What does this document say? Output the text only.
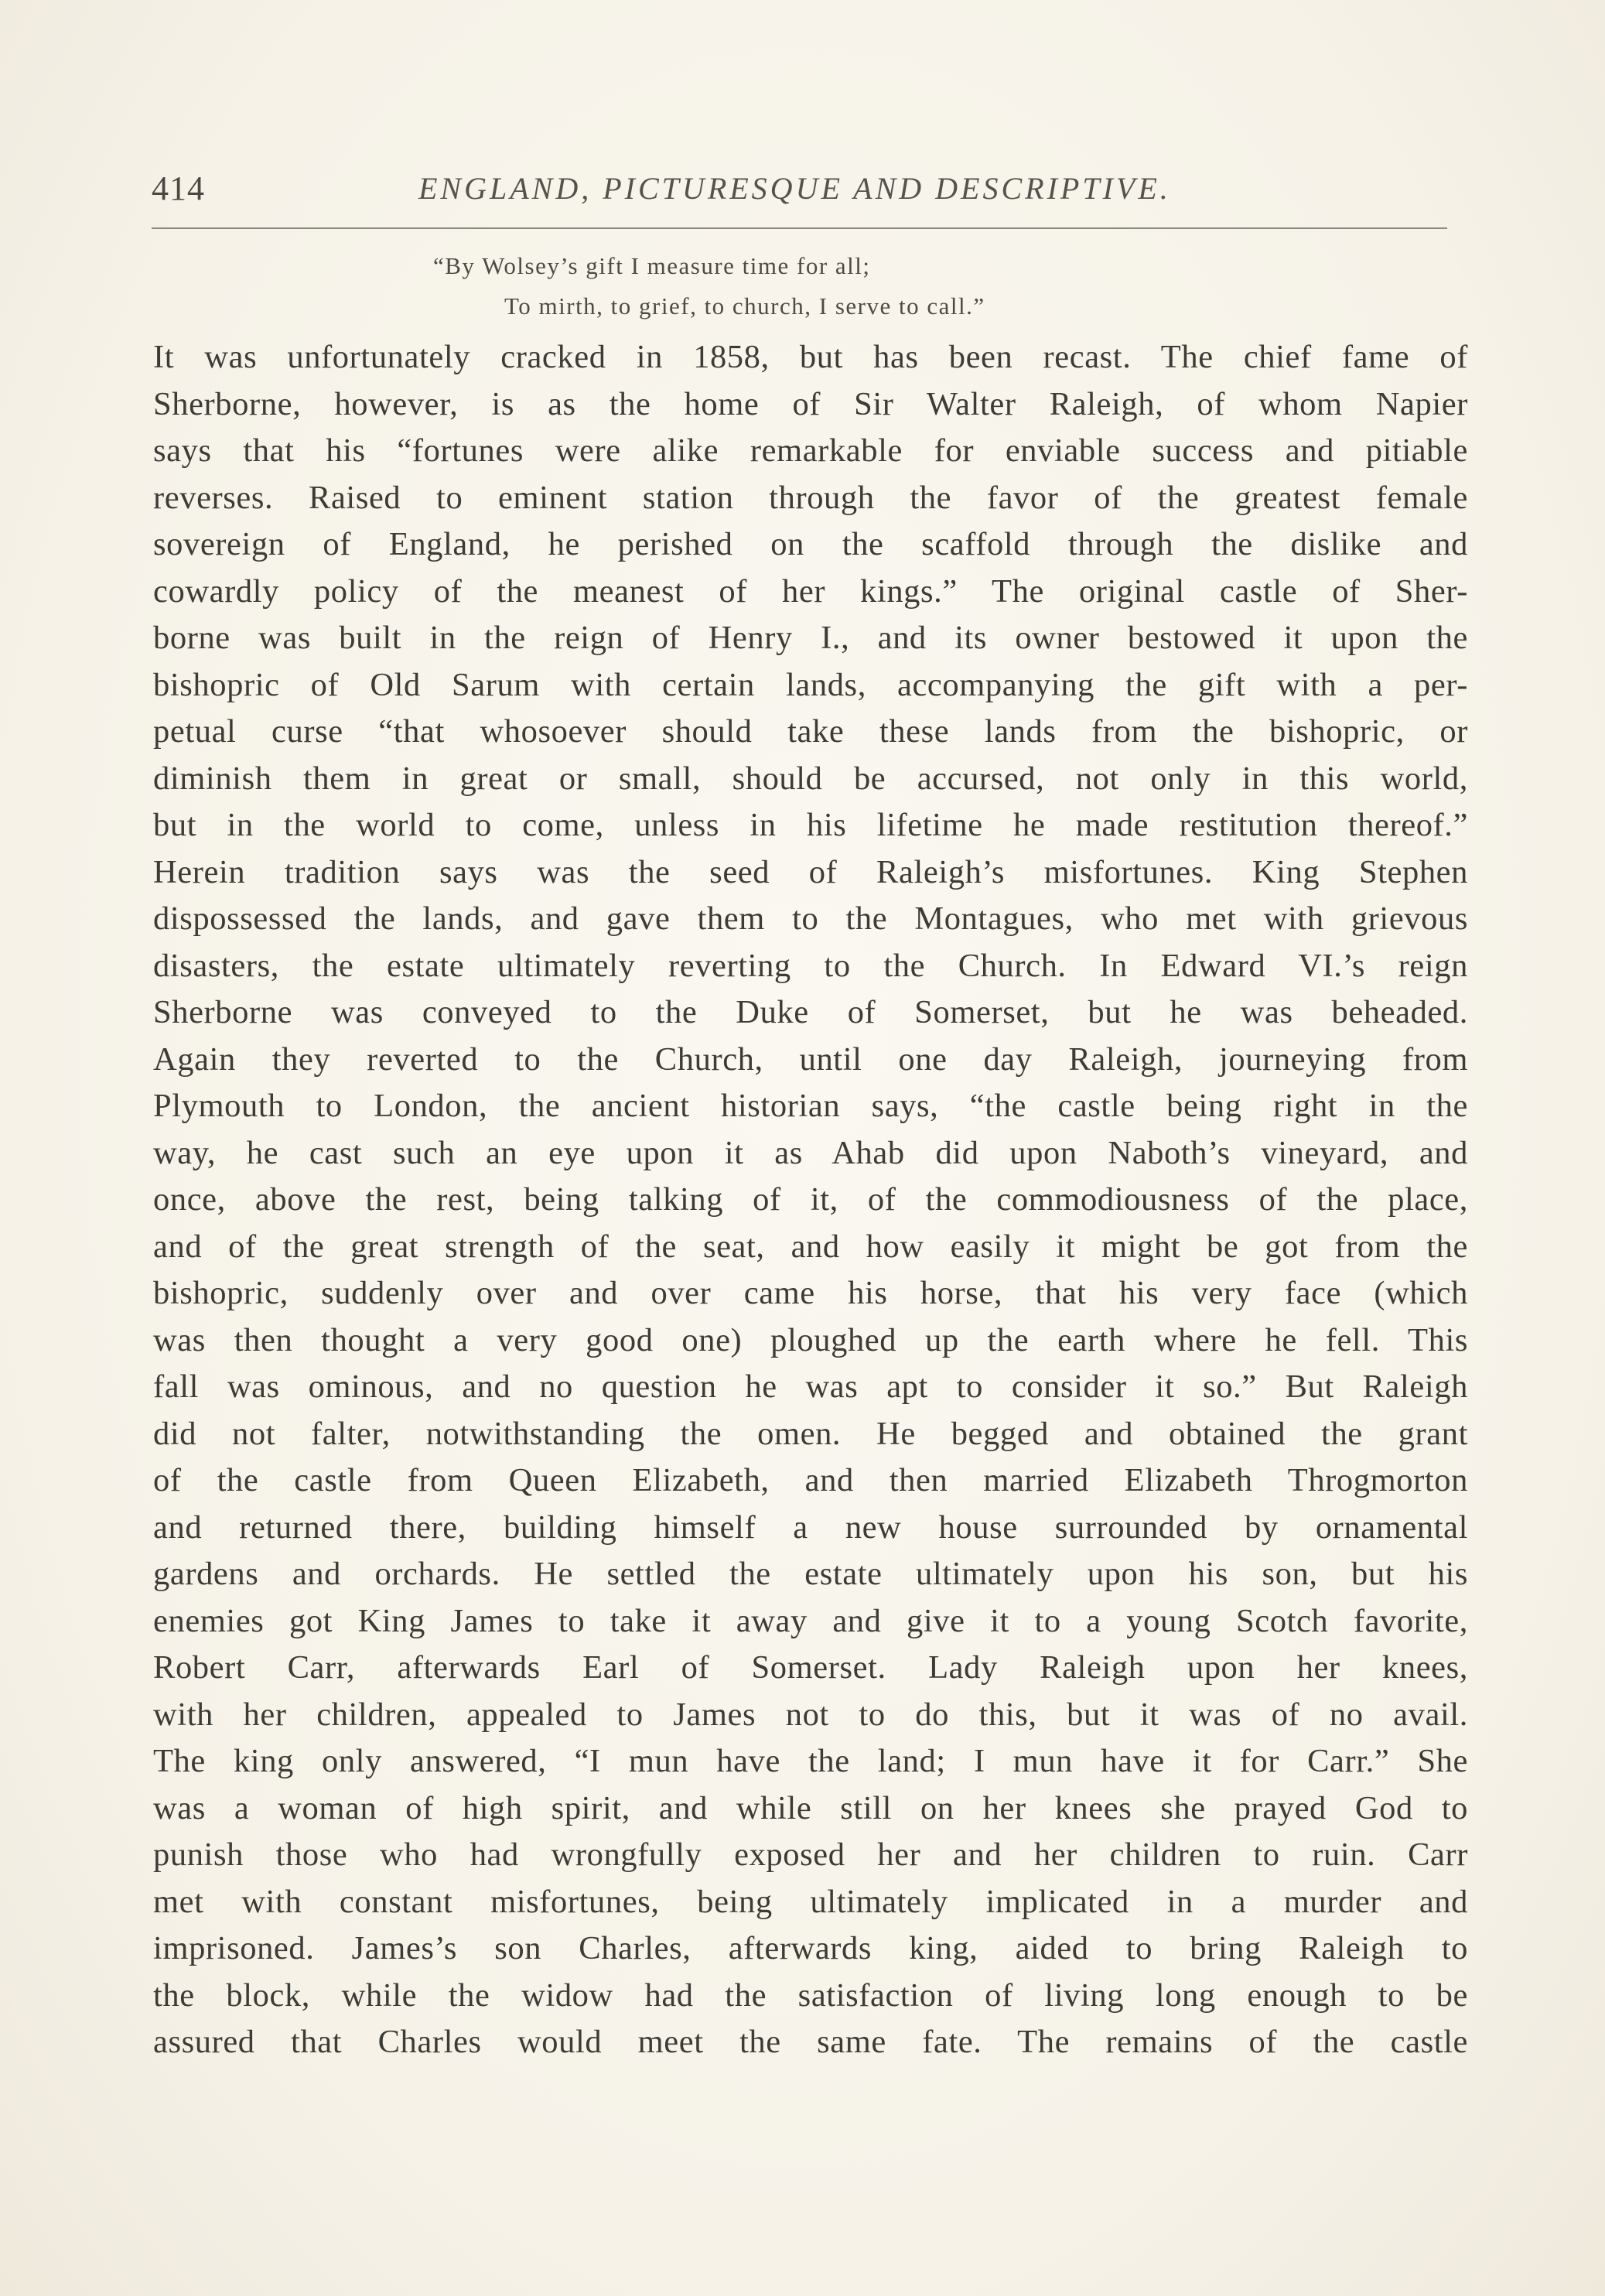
414	ENGLAND, PICTURESQUE AND DESCRIPTIVE.
“By Wolsey’s gift I measure time for all;
To mirth, to grief, to church, I serve to call.”
It was unfortunately cracked in 1858, but has been recast. The chief fame of
Sherborne, however, is as the home of Sir Walter Raleigh, of whom Napier
says that his “fortunes were alike remarkable for enviable success and pitiable
reverses. Raised to eminent station through the favor of the greatest female
sovereign of England, he perished on the scaffold through the dislike and
cowardly policy of the meanest of her kings.” The original castle of Sher-
borne was built in the reign of Henry I., and its owner bestowed it upon the
bishopric of Old Sarum with certain lands, accompanying the gift with a per-
petual curse “that whosoever should take these lands from the bishopric, or
diminish them in great or small, should be accursed, not only in this world,
but in the world to come, unless in his lifetime he made restitution thereof.”
Herein tradition says was the seed of Raleigh’s misfortunes. King Stephen
dispossessed the lands, and gave them to the Montagues, who met with grievous
disasters, the estate ultimately reverting to the Church. In Edward VI.’s reign
Sherborne was conveyed to the Duke of Somerset, but he was beheaded.
Again they reverted to the Church, until one day Raleigh, journeying from
Plymouth to London, the ancient historian says, “the castle being right in the
way, he cast such an eye upon it as Ahab did upon Naboth’s vineyard, and
once, above the rest, being talking of it, of the commodiousness of the place,
and of the great strength of the seat, and how easily it might be got from the
bishopric, suddenly over and over came his horse, that his very face (which
was then thought a very good one) ploughed up the earth where he fell. This
fall was ominous, and no question he was apt to consider it so.” But Raleigh
did not falter, notwithstanding the omen. He begged and obtained the grant
of the castle from Queen Elizabeth, and then married Elizabeth Throgmorton
and returned there, building himself a new house surrounded by ornamental
gardens and orchards. He settled the estate ultimately upon his son, but his
enemies got King James to take it away and give it to a young Scotch favorite,
Robert Carr, afterwards Earl of Somerset. Lady Raleigh upon her knees,
with her children, appealed to James not to do this, but it was of no avail.
The king only answered, “I mun have the land; I mun have it for Carr.” She
was a woman of high spirit, and while still on her knees she prayed God to
punish those who had wrongfully exposed her and her children to ruin. Carr
met with constant misfortunes, being ultimately implicated in a murder and
imprisoned. James’s son Charles, afterwards king, aided to bring Raleigh to
the block, while the widow had the satisfaction of living long enough to be
assured that Charles would meet the same fate. The remains of the castle
